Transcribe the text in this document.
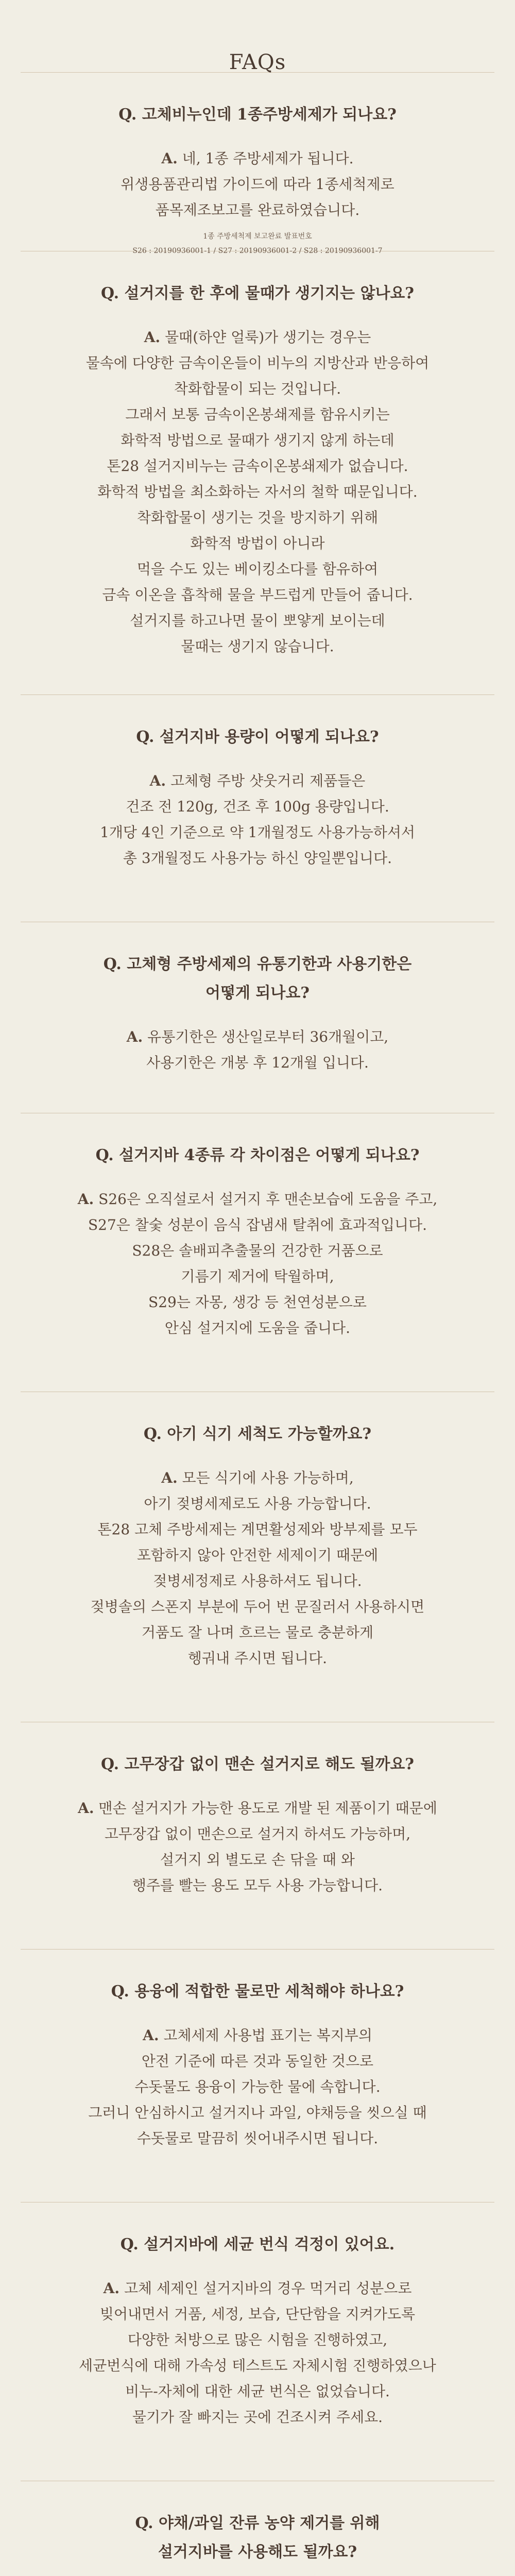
FAQs

Q. 고체비누인데 1종주방세제가 되나요?

A. 네, 1종 주방세제가 됩니다.

위생용품관리법 가이드에 따라 1종세척제로

품목제조보고를 완료하였습니다.

1종 주방세척제 보고완료 발표번호
S26 : 20190936001-1 / S27 : 20190936001-2 / S28 : 20190936001-7

Q. 설거지를 한 후에 물때가 생기지는 않나요?

A. 물때(하얀 얼룩)가 생기는 경우는

물속에 다양한 금속이온들이 비누의 지방산과 반응하여

착화합물이 되는 것입니다.

그래서 보통 금속이온봉쇄제를 함유시키는

화학적 방법으로 물때가 생기지 않게 하는데

톤28 설거지비누는 금속이온봉쇄제가 없습니다.

화학적 방법을 최소화하는 자서의 철학 때문입니다.

착화합물이 생기는 것을 방지하기 위해

화학적 방법이 아니라

먹을 수도 있는 베이킹소다를 함유하여

금속 이온을 흡착해 물을 부드럽게 만들어 줍니다.

설거지를 하고나면 물이 뽀얗게 보이는데

물때는 생기지 않습니다.

Q. 설거지바 용량이 어떻게 되나요?

A. 고체형 주방 샷웃거리 제품들은

건조 전 120g, 건조 후 100g 용량입니다.

1개당 4인 기준으로 약 1개월정도 사용가능하셔서

총 3개월정도 사용가능 하신 양일뿐입니다.

Q. 고체형 주방세제의 유통기한과 사용기한은

어떻게 되나요?

A. 유통기한은 생산일로부터 36개월이고,

사용기한은 개봉 후 12개월 입니다.

Q. 설거지바 4종류 각 차이점은 어떻게 되나요?

A. S26은 오직설로서 설거지 후 맨손보습에 도움을 주고,

S27은 찰숯 성분이 음식 잡냄새 탈취에 효과적입니다.

S28은 솔배피추출물의 건강한 거품으로

기름기 제거에 탁월하며,

S29는 자몽, 생강 등 천연성분으로

안심 설거지에 도움을 줍니다.

Q. 아기 식기 세척도 가능할까요?

A. 모든 식기에 사용 가능하며,

아기 젖병세제로도 사용 가능합니다.

톤28 고체 주방세제는 계면활성제와 방부제를 모두

포함하지 않아 안전한 세제이기 때문에

젖병세정제로 사용하셔도 됩니다.

젖병솔의 스폰지 부분에 두어 번 문질러서 사용하시면

거품도 잘 나며 흐르는 물로 충분하게

헹궈내 주시면 됩니다.

Q. 고무장갑 없이 맨손 설거지로 해도 될까요?

A. 맨손 설거지가 가능한 용도로 개발 된 제품이기 때문에

고무장갑 없이 맨손으로 설거지 하셔도 가능하며,

설거지 외 별도로 손 닦을 때 와

행주를 빨는 용도 모두 사용 가능합니다.

Q. 용융에 적합한 물로만 세척해야 하나요?

A. 고체세제 사용법 표기는 복지부의

안전 기준에 따른 것과 동일한 것으로

수돗물도 용융이 가능한 물에 속합니다.

그러니 안심하시고 설거지나 과일, 야채등을 씻으실 때

수돗물로 말끔히 씻어내주시면 됩니다.

Q. 설거지바에 세균 번식 걱정이 있어요.

A. 고체 세제인 설거지바의 경우 먹거리 성분으로

빚어내면서 거품, 세정, 보습, 단단함을 지켜가도록

다양한 처방으로 많은 시험을 진행하였고,

세균번식에 대해 가속성 테스트도 자체시험 진행하였으나

비누-자체에 대한 세균 번식은 없었습니다.

물기가 잘 빠지는 곳에 건조시켜 주세요.

Q. 야채/과일 잔류 농약 제거를 위해

설거지바를 사용해도 될까요?
